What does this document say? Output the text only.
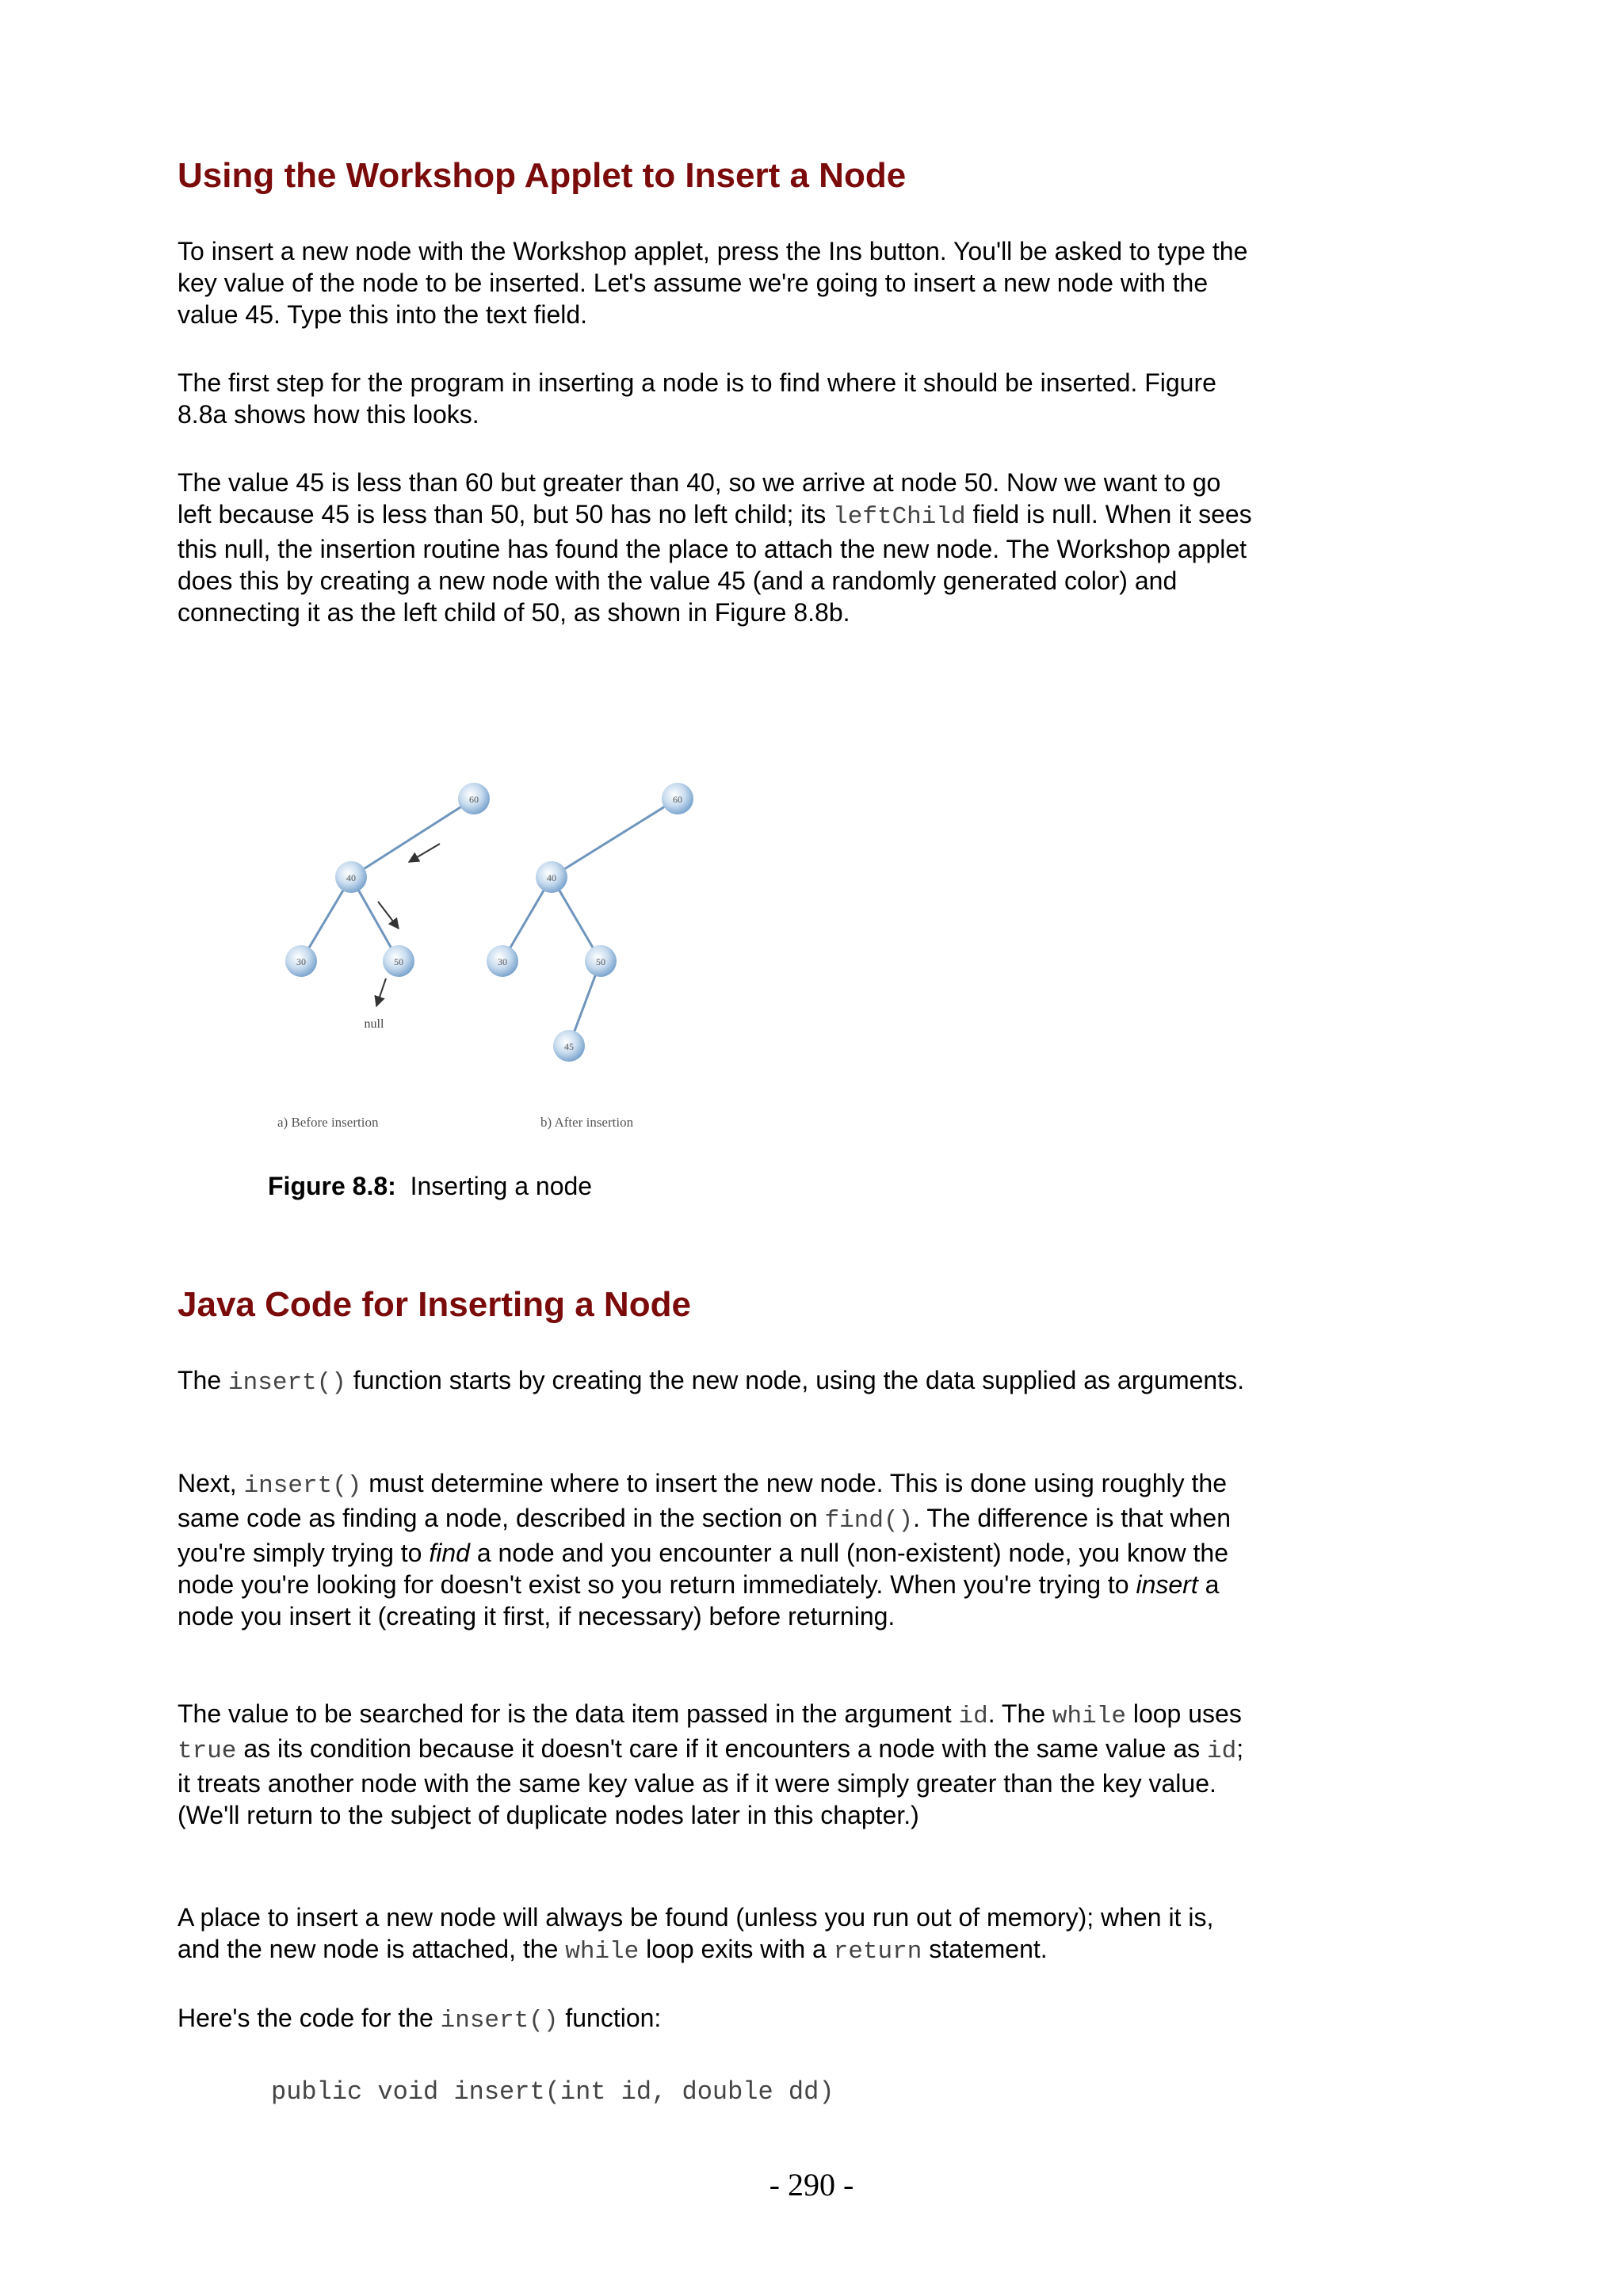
Using the Workshop Applet to Insert a Node

To insert a new node with the Workshop applet, press the Ins button. You'll be asked to type the key value of the node to be inserted. Let's assume we're going to insert a new node with the value 45. Type this into the text field.

The first step for the program in inserting a node is to find where it should be inserted. Figure 8.8a shows how this looks.

The value 45 is less than 60 but greater than 40, so we arrive at node 50. Now we want to go left because 45 is less than 50, but 50 has no left child; its leftChild field is null. When it sees this null, the insertion routine has found the place to attach the new node. The Workshop applet does this by creating a new node with the value 45 (and a randomly generated color) and connecting it as the left child of 50, as shown in Figure 8.8b.

60
40
30	50
null
a) Before insertion
60
40
30	50
45
b) After insertion

Figure 8.8: Inserting a node

Java Code for Inserting a Node

The insert() function starts by creating the new node, using the data supplied as arguments.

Next, insert() must determine where to insert the new node. This is done using roughly the same code as finding a node, described in the section on find(). The difference is that when you're simply trying to find a node and you encounter a null (non-existent) node, you know the node you're looking for doesn't exist so you return immediately. When you're trying to insert a node you insert it (creating it first, if necessary) before returning.

The value to be searched for is the data item passed in the argument id. The while loop uses true as its condition because it doesn't care if it encounters a node with the same value as id; it treats another node with the same key value as if it were simply greater than the key value. (We'll return to the subject of duplicate nodes later in this chapter.)

A place to insert a new node will always be found (unless you run out of memory); when it is, and the new node is attached, the while loop exits with a return statement.

Here's the code for the insert() function:

public void insert(int id, double dd)

- 290 -
